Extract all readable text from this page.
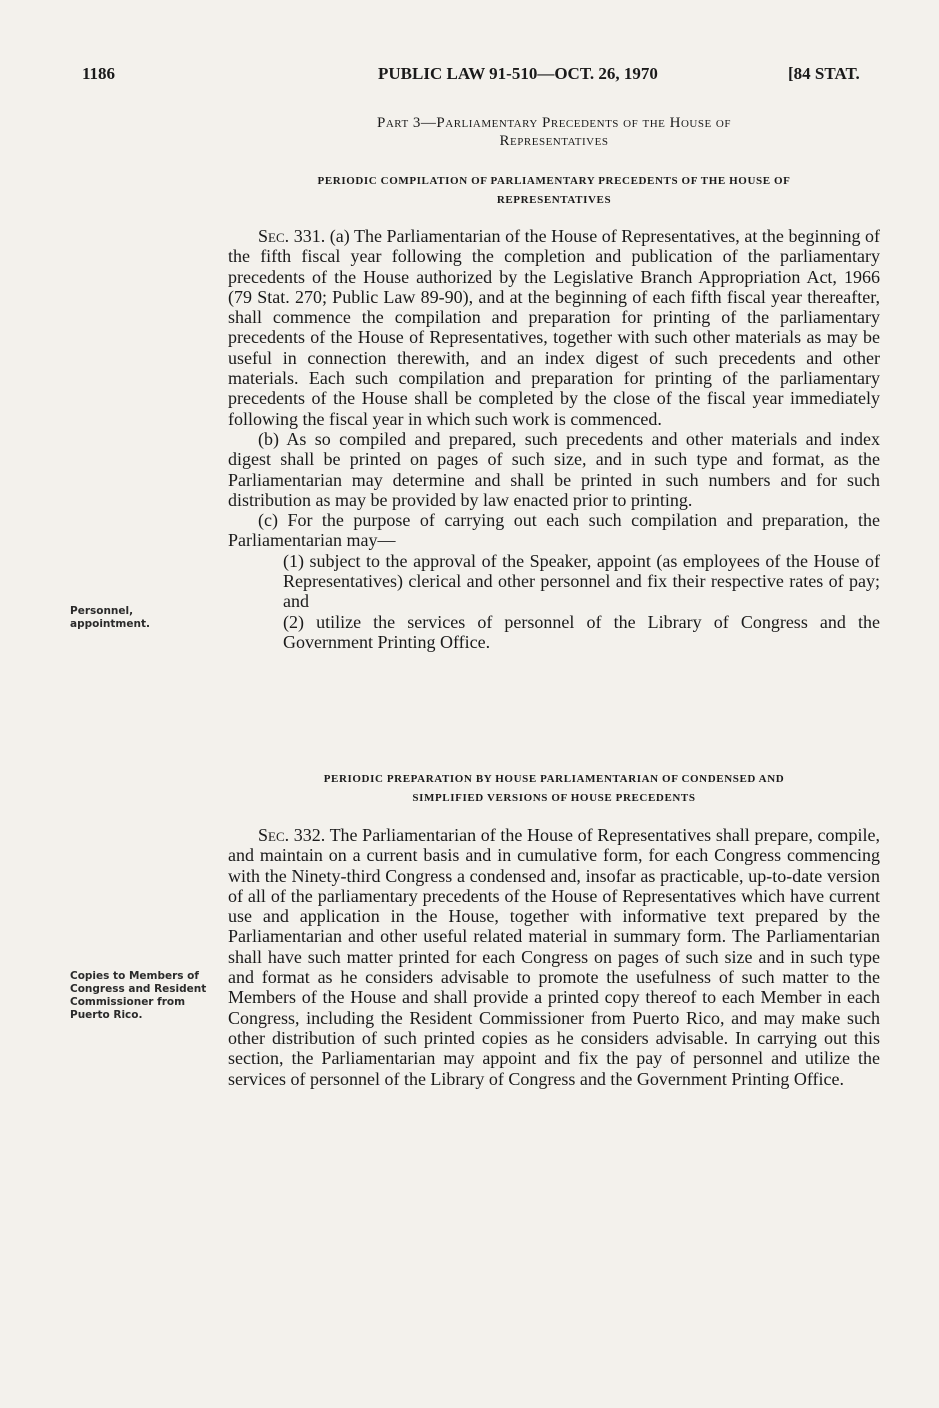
1186	PUBLIC LAW 91-510—OCT. 26, 1970	[84 STAT.
Part 3—Parliamentary Precedents of the House of
Representatives
PERIODIC COMPILATION OF PARLIAMENTARY PRECEDENTS OF THE HOUSE OF
REPRESENTATIVES

Sec. 331. (a) The Parliamentarian of the House of Representatives, at the beginning of the fifth fiscal year following the completion and publication of the parliamentary precedents of the House authorized by the Legislative Branch Appropriation Act, 1966 (79 Stat. 270; Public Law 89-90), and at the beginning of each fifth fiscal year thereafter, shall commence the compilation and preparation for printing of the parliamentary precedents of the House of Representatives, together with such other materials as may be useful in connection therewith, and an index digest of such precedents and other materials. Each such compilation and preparation for printing of the parliamentary precedents of the House shall be completed by the close of the fiscal year immediately following the fiscal year in which such work is commenced.

(b) As so compiled and prepared, such precedents and other materials and index digest shall be printed on pages of such size, and in such type and format, as the Parliamentarian may determine and shall be printed in such numbers and for such distribution as may be provided by law enacted prior to printing.

(c) For the purpose of carrying out each such compilation and preparation, the Parliamentarian may—

(1) subject to the approval of the Speaker, appoint (as employees of the House of Representatives) clerical and other personnel and fix their respective rates of pay; and

(2) utilize the services of personnel of the Library of Congress and the Government Printing Office.

Personnel, appointment.
PERIODIC PREPARATION BY HOUSE PARLIAMENTARIAN OF CONDENSED AND
SIMPLIFIED VERSIONS OF HOUSE PRECEDENTS

Sec. 332. The Parliamentarian of the House of Representatives shall prepare, compile, and maintain on a current basis and in cumulative form, for each Congress commencing with the Ninety-third Congress a condensed and, insofar as practicable, up-to-date version of all of the parliamentary precedents of the House of Representatives which have current use and application in the House, together with informative text prepared by the Parliamentarian and other useful related material in summary form. The Parliamentarian shall have such matter printed for each Congress on pages of such size and in such type and format as he considers advisable to promote the usefulness of such matter to the Members of the House and shall provide a printed copy thereof to each Member in each Congress, including the Resident Commissioner from Puerto Rico, and may make such other distribution of such printed copies as he considers advisable. In carrying out this section, the Parliamentarian may appoint and fix the pay of personnel and utilize the services of personnel of the Library of Congress and the Government Printing Office.

Copies to Members of Congress and Resident Commissioner from Puerto Rico.
